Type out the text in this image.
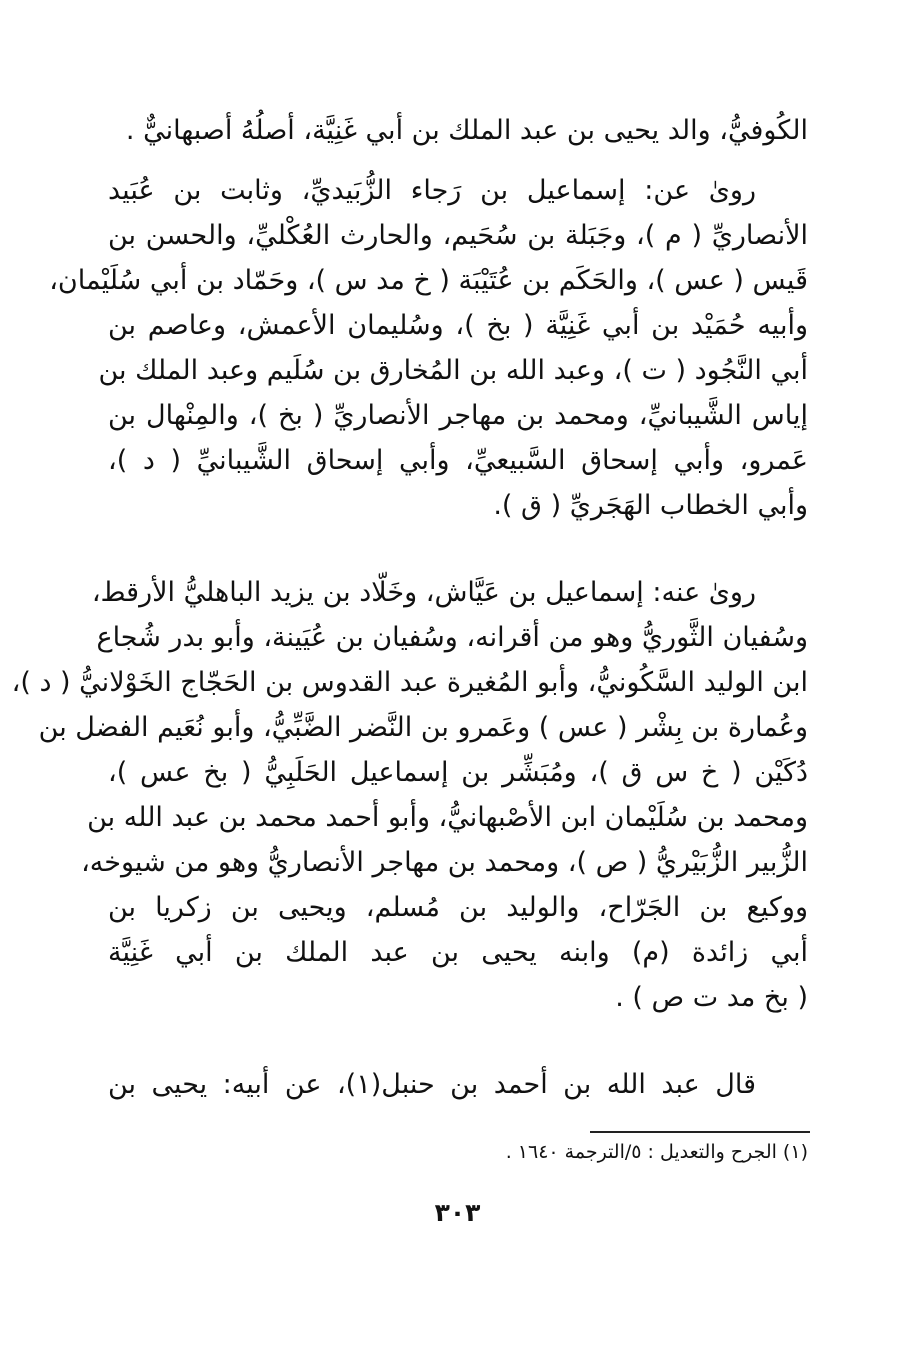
الكُوفيُّ، والد يحيى بن عبد الملك بن أبي غَنِيَّة، أصلُهُ أصبهانيٌّ .
روىٰ عن: إسماعيل بن رَجاء الزُّبَيديِّ، وثابت بن عُبَيد
الأنصاريِّ ( م )، وجَبَلة بن سُحَيم، والحارث العُكْليِّ، والحسن بن
قَيس ( عس )، والحَكَم بن عُتَيْبَة ( خ مد س )، وحَمّاد بن أبي سُلَيْمان،
وأبيه حُمَيْد بن أبي غَنِيَّة ( بخ )، وسُليمان الأعمش، وعاصم بن
أبي النَّجُود ( ت )، وعبد الله بن المُخارق بن سُلَيم وعبد الملك بن
إياس الشَّيبانيِّ، ومحمد بن مهاجر الأنصاريِّ ( بخ )، والمِنْهال بن
عَمرو، وأبي إسحاق السَّبيعيِّ، وأبي إسحاق الشَّيبانيِّ ( د )،
وأبي الخطاب الهَجَريِّ ( ق ).
روىٰ عنه: إسماعيل بن عَيَّاش، وخَلّاد بن يزيد الباهليُّ الأرقط،
وسُفيان الثَّوريُّ وهو من أقرانه، وسُفيان بن عُيَينة، وأبو بدر شُجاع
ابن الوليد السَّكُونيُّ، وأبو المُغيرة عبد القدوس بن الحَجّاج الخَوْلانيُّ ( د )،
وعُمارة بن بِشْر ( عس ) وعَمرو بن النَّضر الضَّبِّيُّ، وأبو نُعَيم الفضل بن
دُكَيْن ( خ س ق )، ومُبَشِّر بن إسماعيل الحَلَبِيُّ ( بخ عس )،
ومحمد بن سُلَيْمان ابن الأصْبهانيُّ، وأبو أحمد محمد بن عبد الله بن
الزُّبير الزُّبَيْريُّ ( ص )، ومحمد بن مهاجر الأنصاريُّ وهو من شيوخه،
ووكيع بن الجَرّاح، والوليد بن مُسلم، ويحيى بن زكريا بن
أبي زائدة (م) وابنه يحيى بن عبد الملك بن أبي غَنِيَّة
( بخ مد ت ص ) .
قال عبد الله بن أحمد بن حنبل(١)، عن أبيه: يحيى بن
(١) الجرح والتعديل : ٥/الترجمة ١٦٤٠ .
٣٠٣
